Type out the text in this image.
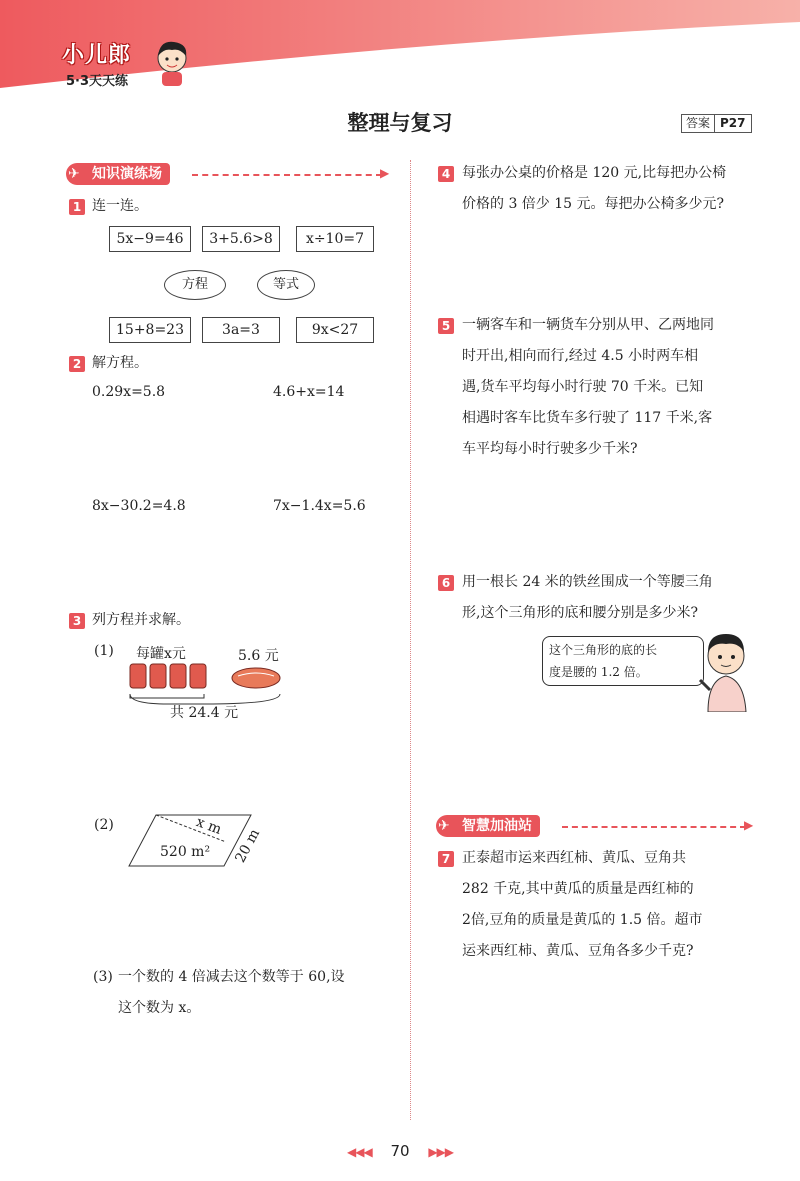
小儿郎
5·3天天练
整理与复习	答案 P27
知识演练场
✈	▶
1 连一连。
5x−9=46	3+5.6>8	x÷10=7
方程	等式
15+8=23	3a=3	9x<27
2 解方程。
0.29x=5.8	4.6+x=14
8x−30.2=4.8	7x−1.4x=5.6
3 列方程并求解。
(1) 每罐x元	5.6 元
共 24.4 元
(2)
520 m²
x m
20 m
(3) 一个数的 4 倍减去这个数等于 60,设
这个数为 x。
4 每张办公桌的价格是 120 元,比每把办公椅
价格的 3 倍少 15 元。每把办公椅多少元?
5 一辆客车和一辆货车分别从甲、乙两地同
时开出,相向而行,经过 4.5 小时两车相
遇,货车平均每小时行驶 70 千米。已知
相遇时客车比货车多行驶了 117 千米,客
车平均每小时行驶多少千米?
6 用一根长 24 米的铁丝围成一个等腰三角
形,这个三角形的底和腰分别是多少米?
这个三角形的底的长
度是腰的 1.2 倍。
智慧加油站
✈	▶
7 正泰超市运来西红柿、黄瓜、豆角共
282 千克,其中黄瓜的质量是西红柿的
2倍,豆角的质量是黄瓜的 1.5 倍。超市
运来西红柿、黄瓜、豆角各多少千克?
◀◀◀ 70 ▶▶▶
